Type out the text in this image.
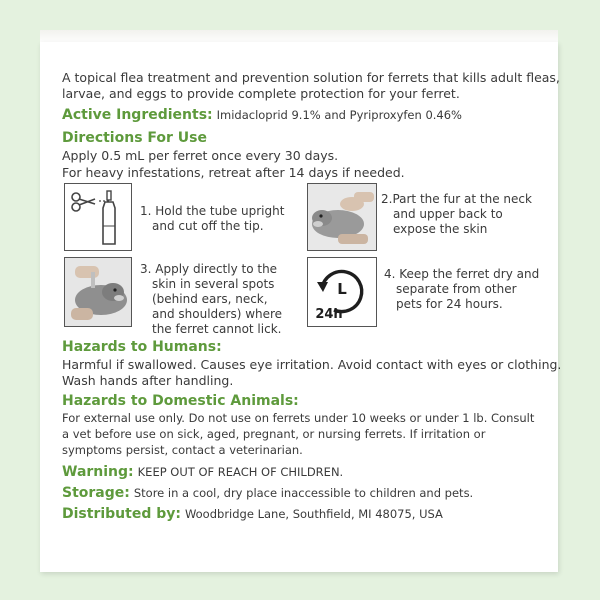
A topical flea treatment and prevention solution for ferrets that kills adult fleas,

larvae, and eggs to provide complete protection for your ferret.

Active Ingredients: Imidacloprid 9.1% and Pyriproxyfen 0.46%

Directions For Use

Apply 0.5 mL per ferret once every 30 days.

For heavy infestations, retreat after 14 days if needed.

1. Hold the tube upright
and cut off the tip.
2.Part the fur at the neck
and upper back to
expose the skin
3. Apply directly to the
skin in several spots
(behind ears, neck,
and shoulders) where
the ferret cannot lick.
L
24h
4. Keep the ferret dry and
separate from other
pets for 24 hours.

Hazards to Humans:

Harmful if swallowed. Causes eye irritation. Avoid contact with eyes or clothing.

Wash hands after handling.

Hazards to Domestic Animals:

For external use only. Do not use on ferrets under 10 weeks or under 1 lb. Consult

a vet before use on sick, aged, pregnant, or nursing ferrets. If irritation or

symptoms persist, contact a veterinarian.

Warning: KEEP OUT OF REACH OF CHILDREN.

Storage: Store in a cool, dry place inaccessible to children and pets.

Distributed by: Woodbridge Lane, Southfield, MI 48075, USA
